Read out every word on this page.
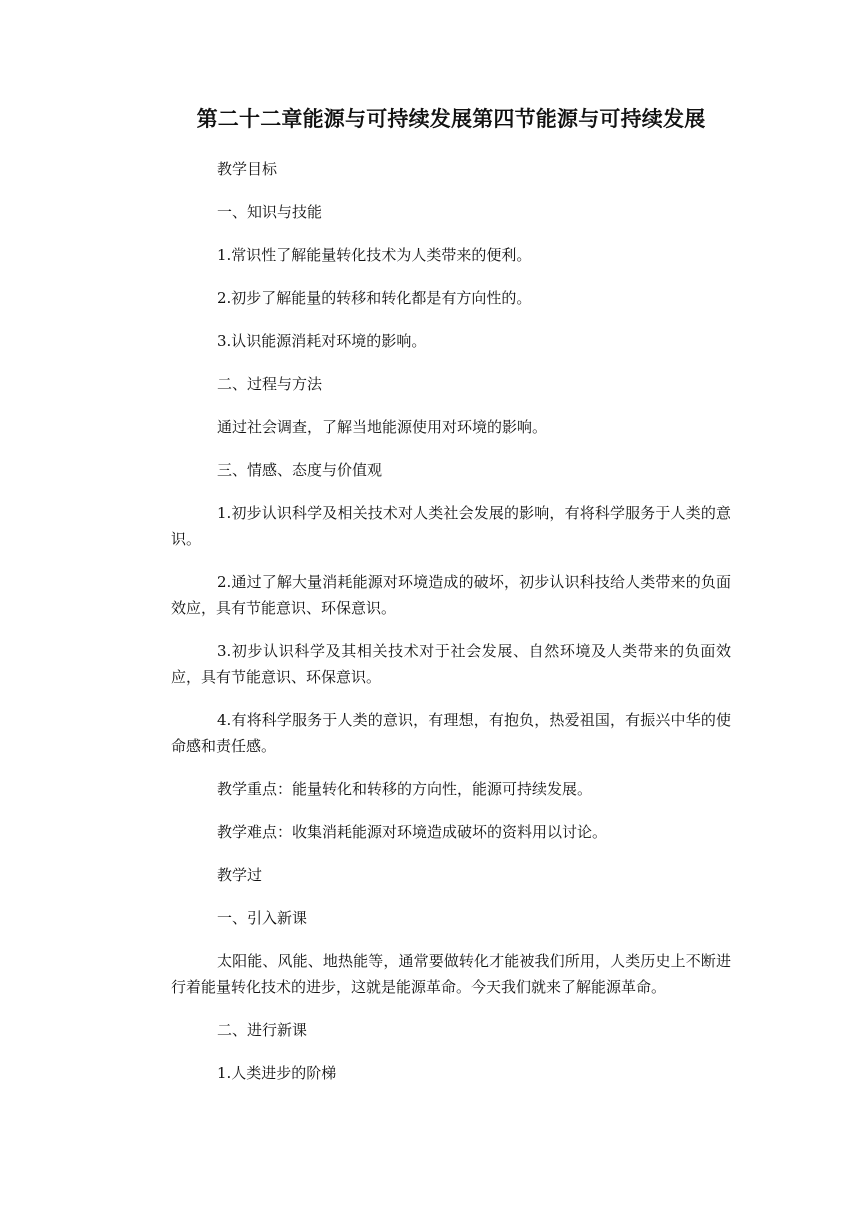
第二十二章能源与可持续发展第四节能源与可持续发展

教学目标

一、知识与技能

1.常识性了解能量转化技术为人类带来的便利。

2.初步了解能量的转移和转化都是有方向性的。

3.认识能源消耗对环境的影响。

二、过程与方法

通过社会调查，了解当地能源使用对环境的影响。

三、情感、态度与价值观

1.初步认识科学及相关技术对人类社会发展的影响，有将科学服务于人类的意识。

2.通过了解大量消耗能源对环境造成的破坏，初步认识科技给人类带来的负面效应，具有节能意识、环保意识。

3.初步认识科学及其相关技术对于社会发展、自然环境及人类带来的负面效应，具有节能意识、环保意识。

4.有将科学服务于人类的意识，有理想，有抱负，热爱祖国，有振兴中华的使命感和责任感。

教学重点：能量转化和转移的方向性，能源可持续发展。

教学难点：收集消耗能源对环境造成破坏的资料用以讨论。

教学过

一、引入新课

太阳能、风能、地热能等，通常要做转化才能被我们所用，人类历史上不断进行着能量转化技术的进步，这就是能源革命。今天我们就来了解能源革命。

二、进行新课

1.人类进步的阶梯
